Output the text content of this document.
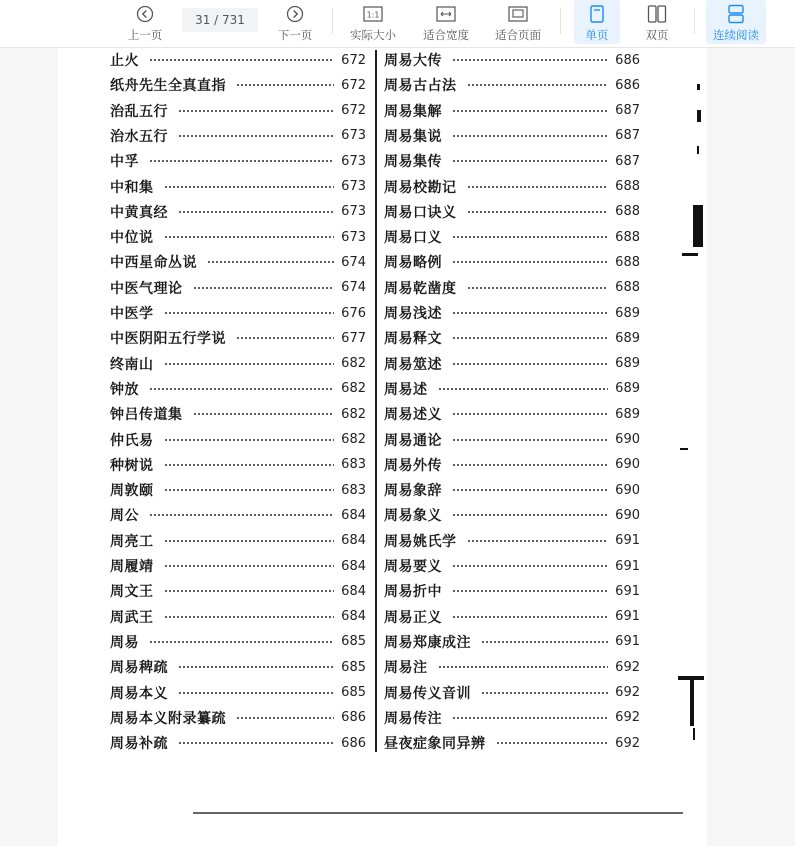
上一页
31 / 731
下一页
1:1
实际大小 适合宽度 适合页面	单页	双页	连续阅读
止火	672
纸舟先生全真直指	672
治乱五行	672
治水五行	673
中孚	673
中和集	673
中黄真经	673
中位说	673
中西星命丛说	674
中医气理论	674
中医学	676
中医阴阳五行学说	677
终南山	682
钟放	682
钟吕传道集	682
仲氏易	682
种树说	683
周敦颐	683
周公	684
周亮工	684
周履靖	684
周文王	684
周武王	684
周易	685
周易稗疏	685
周易本义	685
周易本义附录纂疏	686
周易补疏	686
周易大传	686
周易古占法	686
周易集解	687
周易集说	687
周易集传	687
周易校勘记	688
周易口诀义	688
周易口义	688
周易略例	688
周易乾凿度	688
周易浅述	689
周易释文	689
周易筮述	689
周易述	689
周易述义	689
周易通论	690
周易外传	690
周易象辞	690
周易象义	690
周易姚氏学	691
周易要义	691
周易折中	691
周易正义	691
周易郑康成注	691
周易注	692
周易传义音训	692
周易传注	692
昼夜症象同异辨	692
